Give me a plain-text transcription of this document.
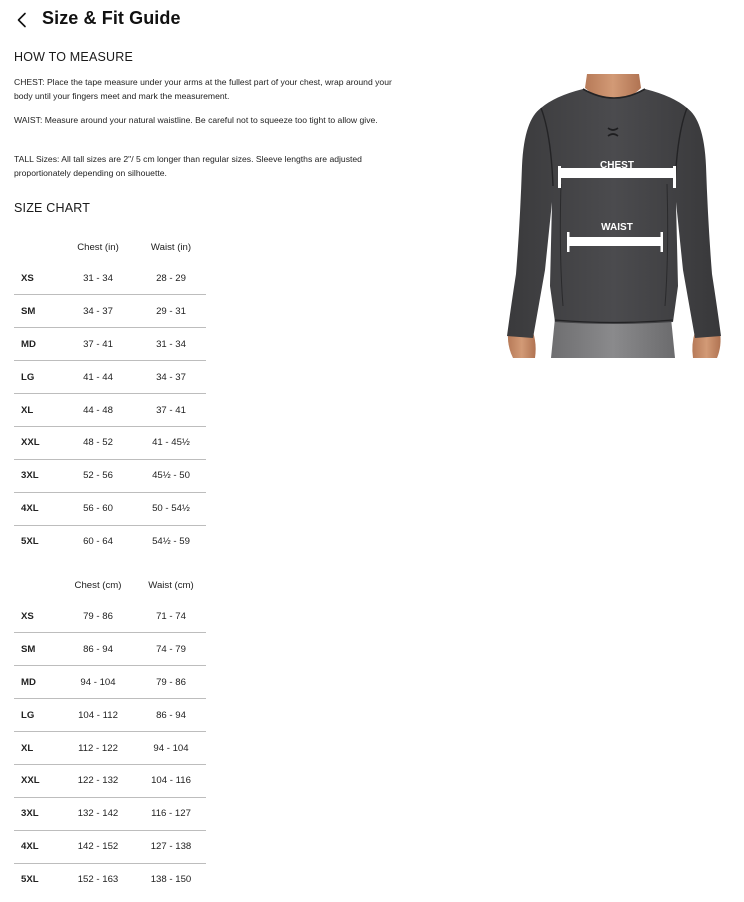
Size & Fit Guide
HOW TO MEASURE

CHEST: Place the tape measure under your arms at the fullest part of your chest, wrap around your body until your fingers meet and mark the measurement.

WAIST: Measure around your natural waistline. Be careful not to squeeze too tight to allow give.

TALL Sizes: All tall sizes are 2"/ 5 cm longer than regular sizes. Sleeve lengths are adjusted proportionately depending on silhouette.

SIZE CHART
	Chest (in)	Waist (in)
XS	31 - 34	28 - 29
SM	34 - 37	29 - 31
MD	37 - 41	31 - 34
LG	41 - 44	34 - 37
XL	44 - 48	37 - 41
XXL	48 - 52	41 - 45½
3XL	52 - 56	45½ - 50
4XL	56 - 60	50 - 54½
5XL	60 - 64	54½ - 59
	Chest (cm)	Waist (cm)
XS	79 - 86	71 - 74
SM	86 - 94	74 - 79
MD	94 - 104	79 - 86
LG	104 - 112	86 - 94
XL	112 - 122	94 - 104
XXL	122 - 132	104 - 116
3XL	132 - 142	116 - 127
4XL	142 - 152	127 - 138
5XL	152 - 163	138 - 150
CHEST
WAIST
